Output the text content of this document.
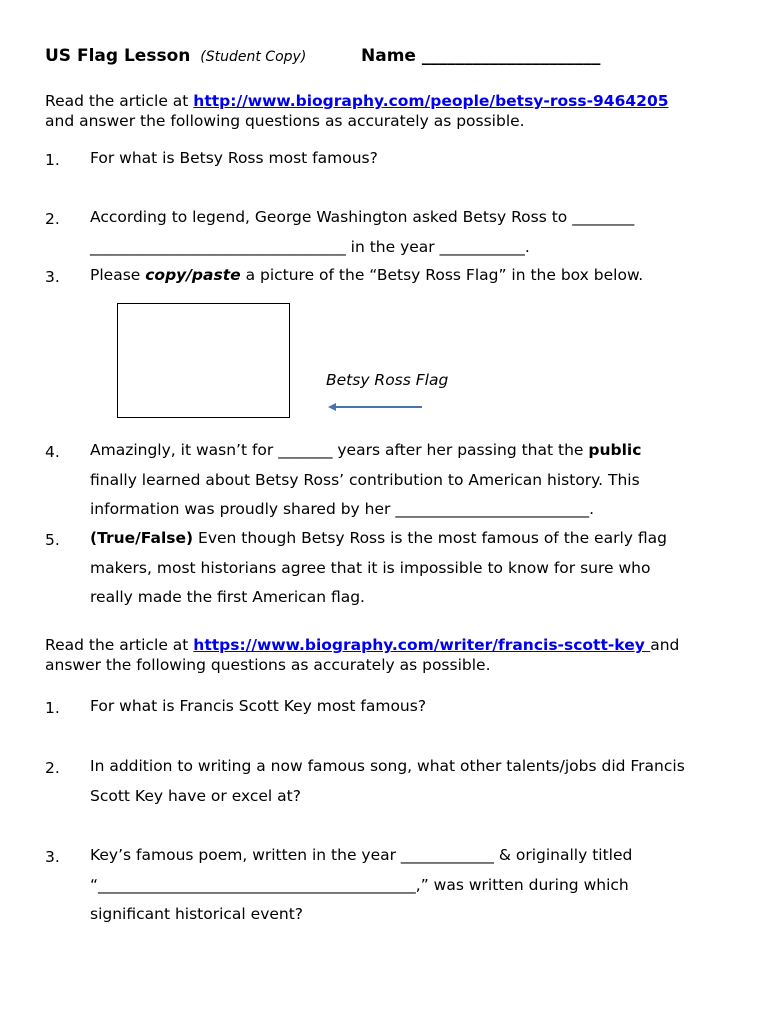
US Flag Lesson (Student Copy)	Name _____________________
Read the article at http://www.biography.com/people/betsy-ross-9464205
and answer the following questions as accurately as possible.
1. For what is Betsy Ross most famous?
2. According to legend, George Washington asked Betsy Ross to ________
_________________________________ in the year ___________.
3. Please copy/paste a picture of the “Betsy Ross Flag” in the box below.
Betsy Ross Flag
4. Amazingly, it wasn’t for _______ years after her passing that the public
finally learned about Betsy Ross’ contribution to American history. This
information was proudly shared by her _________________________.
5. (True/False) Even though Betsy Ross is the most famous of the early flag
makers, most historians agree that it is impossible to know for sure who
really made the first American flag.
Read the article at https://www.biography.com/writer/francis-scott-key and
answer the following questions as accurately as possible.
1. For what is Francis Scott Key most famous?
2. In addition to writing a now famous song, what other talents/jobs did Francis
Scott Key have or excel at?
3. Key’s famous poem, written in the year ____________ & originally titled
“_________________________________________,” was written during which
significant historical event?
